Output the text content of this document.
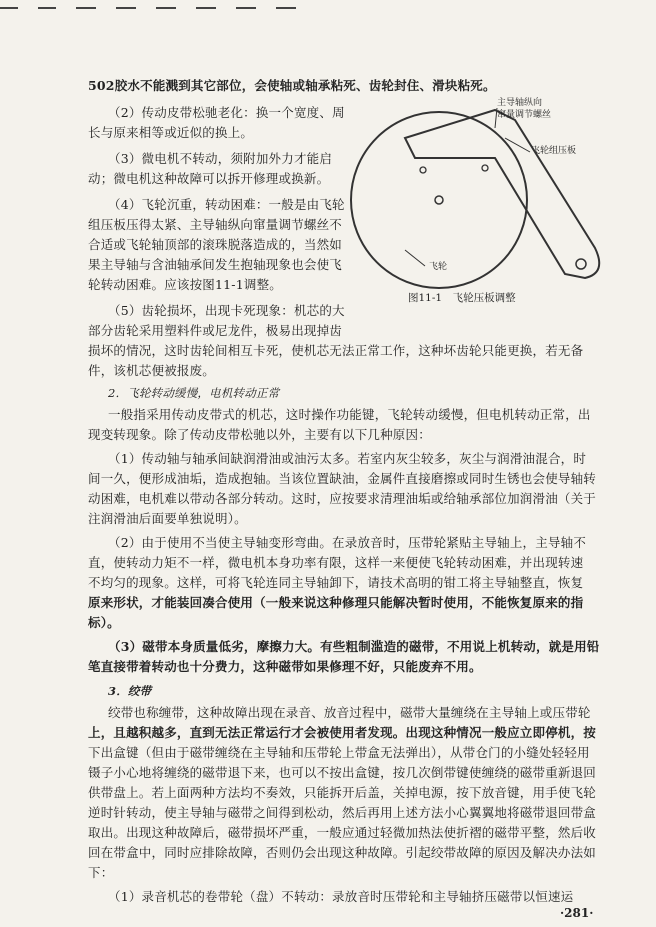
502胶水不能溅到其它部位，会使轴或轴承粘死、齿轮封住、滑块粘死。

（2）传动皮带松驰老化：换一个宽度、周

长与原来相等或近似的换上。

（3）微电机不转动，须附加外力才能启

动；微电机这种故障可以拆开修理或换新。

（4）飞轮沉重，转动困难：一般是由飞轮

组压板压得太紧、主导轴纵向窜量调节螺丝不

合适或飞轮轴顶部的滚珠脱落造成的，当然如

果主导轴与含油轴承间发生抱轴现象也会使飞

轮转动困难。应该按图11-1调整。

（5）齿轮损坏，出现卡死现象：机芯的大

部分齿轮采用塑料件或尼龙件，极易出现掉齿

损坏的情况，这时齿轮间相互卡死，使机芯无法正常工作，这种坏齿轮只能更换，若无备

件，该机芯便被报废。

主导轴纵向
窜量调节螺丝
飞轮组压板
飞轮
图11-1　飞轮压板调整

2．飞轮转动缓慢，电机转动正常

一般指采用传动皮带式的机芯，这时操作功能键，飞轮转动缓慢，但电机转动正常，出

现变转现象。除了传动皮带松驰以外，主要有以下几种原因：

（1）传动轴与轴承间缺润滑油或油污太多。若室内灰尘较多，灰尘与润滑油混合，时

间一久，便形成油垢，造成抱轴。当该位置缺油，金属件直接磨擦或同时生锈也会使导轴转

动困难，电机难以带动各部分转动。这时，应按要求清理油垢或给轴承部位加润滑油（关于

注润滑油后面要单独说明）。

（2）由于使用不当使主导轴变形弯曲。在录放音时，压带轮紧贴主导轴上，主导轴不

直，使转动力矩不一样，微电机本身功率有限，这样一来便使飞轮转动困难，并出现转速

不均匀的现象。这样，可将飞轮连同主导轴卸下，请技术高明的钳工将主导轴整直，恢复

原来形状，才能装回凑合使用（一般来说这种修理只能解决暂时使用，不能恢复原来的指

标）。

（3）磁带本身质量低劣，摩擦力大。有些粗制滥造的磁带，不用说上机转动，就是用铅

笔直接带着转动也十分费力，这种磁带如果修理不好，只能废弃不用。

3．绞带

绞带也称缠带，这种故障出现在录音、放音过程中，磁带大量缠绕在主导轴上或压带轮

上，且越积越多，直到无法正常运行才会被使用者发现。出现这种情况一般应立即停机，按

下出盒键（但由于磁带缠绕在主导轴和压带轮上带盒无法弹出），从带仓门的小缝处轻轻用

镊子小心地将缠绕的磁带退下来，也可以不按出盒键，按几次倒带键使缠绕的磁带重新退回

供带盘上。若上面两种方法均不奏效，只能拆开后盖，关掉电源，按下放音键，用手使飞轮

逆时针转动，使主导轴与磁带之间得到松动，然后再用上述方法小心翼翼地将磁带退回带盒

取出。出现这种故障后，磁带损坏严重，一般应通过轻微加热法使折褶的磁带平整，然后收

回在带盒中，同时应排除故障，否则仍会出现这种故障。引起绞带故障的原因及解决办法如

下：

（1）录音机芯的卷带轮（盘）不转动：录放音时压带轮和主导轴挤压磁带以恒速运

·281·
